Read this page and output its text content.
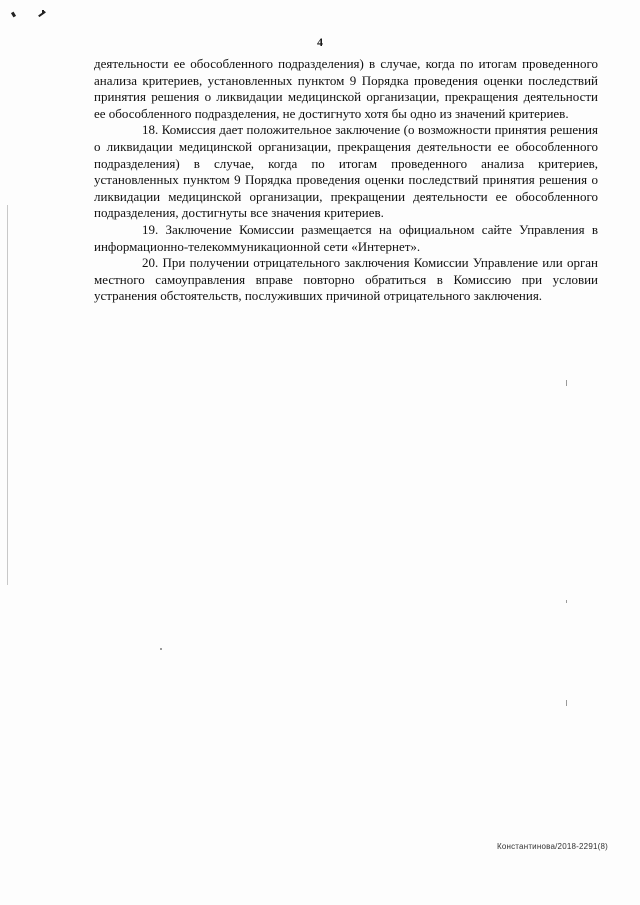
4

деятельности ее обособленного подразделения) в случае, когда по итогам проведенного анализа критериев, установленных пунктом 9 Порядка проведения оценки последствий принятия решения о ликвидации медицинской организации, прекращения деятельности ее обособленного подразделения, не достигнуто хотя бы одно из значений критериев.

18. Комиссия дает положительное заключение (о возможности принятия решения о ликвидации медицинской организации, прекращения деятельности ее обособленного подразделения) в случае, когда по итогам проведенного анализа критериев, установленных пунктом 9 Порядка проведения оценки последствий принятия решения о ликвидации медицинской организации, прекращении деятельности ее обособленного подразделения, достигнуты все значения критериев.

19. Заключение Комиссии размещается на официальном сайте Управления в информационно-телекоммуникационной сети «Интернет».

20. При получении отрицательного заключения Комиссии Управление или орган местного самоуправления вправе повторно обратиться в Комиссию при условии устранения обстоятельств, послуживших причиной отрицательного заключения.

Константинова/2018-2291(8)
